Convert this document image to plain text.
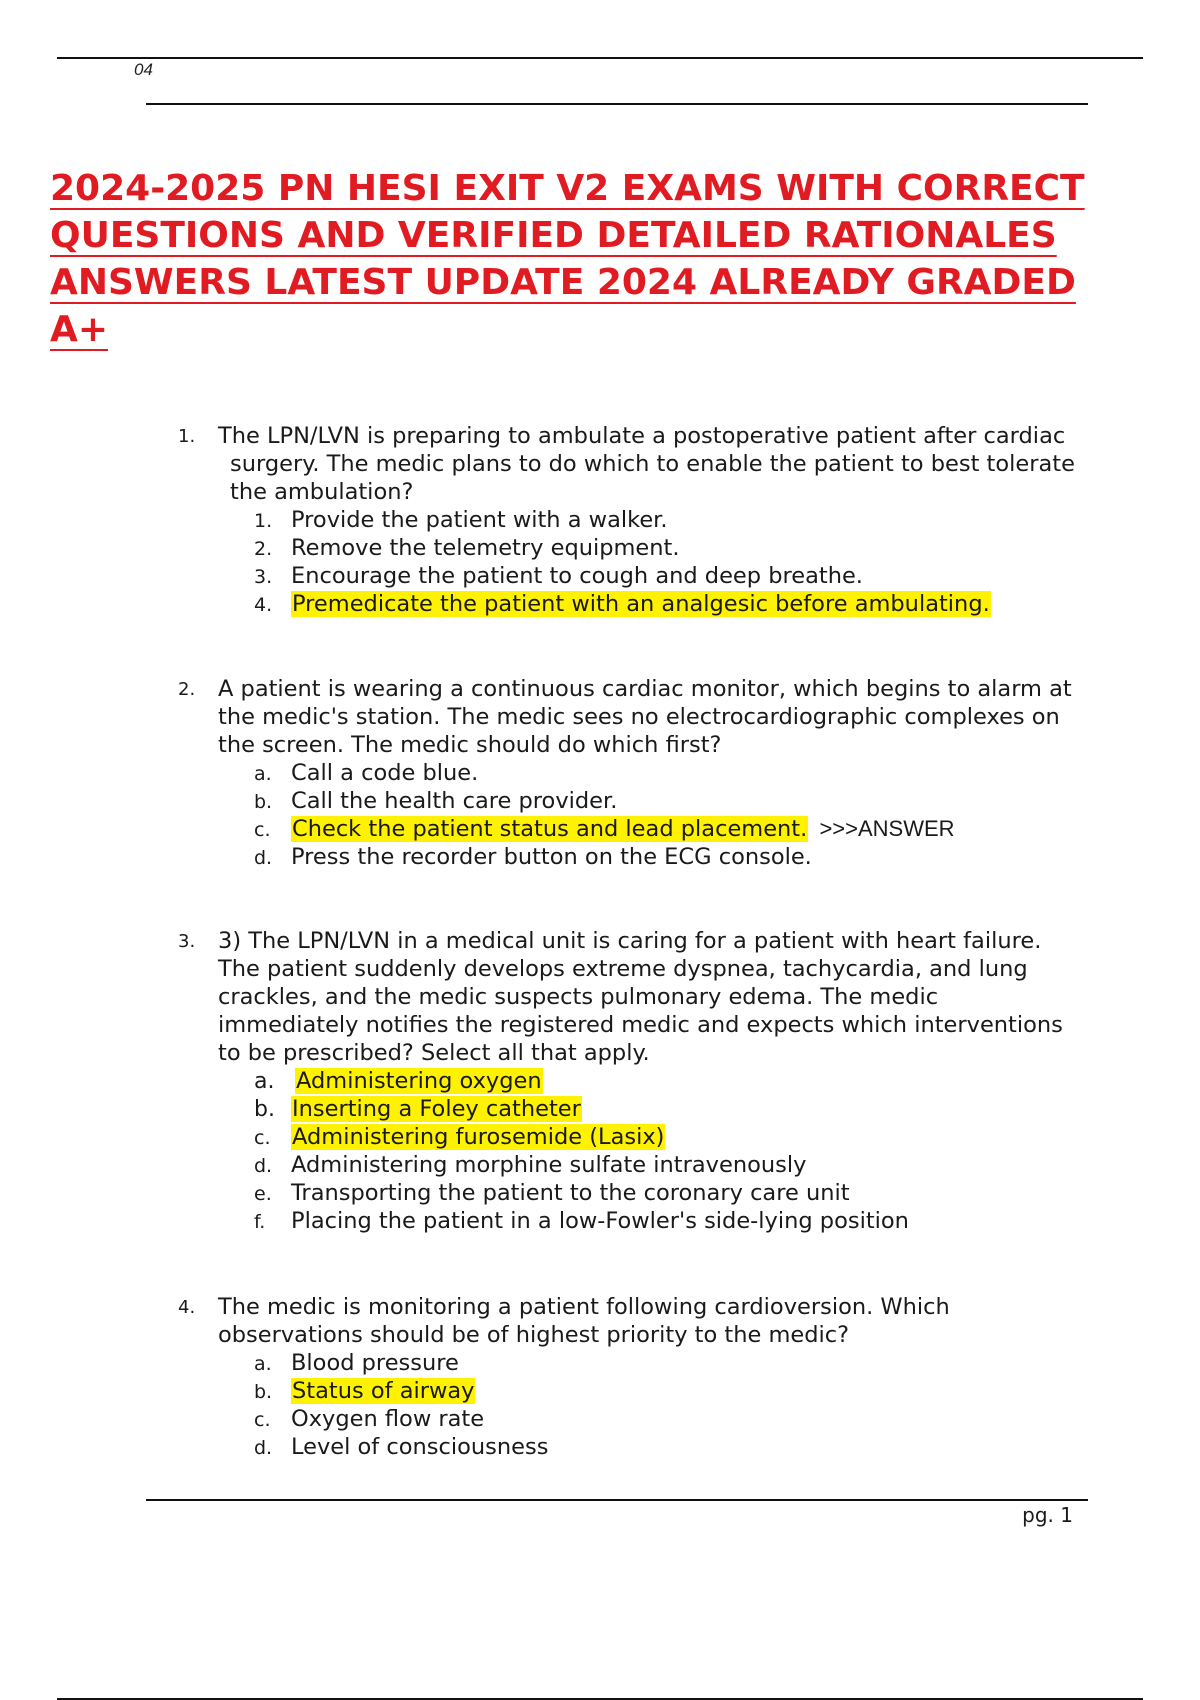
04
2024-2025 PN HESI EXIT V2 EXAMS WITH CORRECT
QUESTIONS AND VERIFIED DETAILED RATIONALES
ANSWERS LATEST UPDATE 2024 ALREADY GRADED A+
1. The LPN/LVN is preparing to ambulate a postoperative patient after cardiac surgery. The medic plans to do which to enable the patient to best tolerate the ambulation?

1. Provide the patient with a walker.
2. Remove the telemetry equipment.
3. Encourage the patient to cough and deep breathe.
4. Premedicate the patient with an analgesic before ambulating.
2. A patient is wearing a continuous cardiac monitor, which begins to alarm at the medic's station. The medic sees no electrocardiographic complexes on the screen. The medic should do which first?

a. Call a code blue.
b. Call the health care provider.
c. Check the patient status and lead placement. >>>ANSWER
d. Press the recorder button on the ECG console.
3. 3) The LPN/LVN in a medical unit is caring for a patient with heart failure. The patient suddenly develops extreme dyspnea, tachycardia, and lung crackles, and the medic suspects pulmonary edema. The medic immediately notifies the registered medic and expects which interventions to be prescribed? Select all that apply.

a. Administering oxygen
b. Inserting a Foley catheter
c. Administering furosemide (Lasix)
d. Administering morphine sulfate intravenously
e. Transporting the patient to the coronary care unit
f. Placing the patient in a low-Fowler's side-lying position
4. The medic is monitoring a patient following cardioversion. Which observations should be of highest priority to the medic?

a. Blood pressure
b. Status of airway
c. Oxygen flow rate
d. Level of consciousness
pg. 1
